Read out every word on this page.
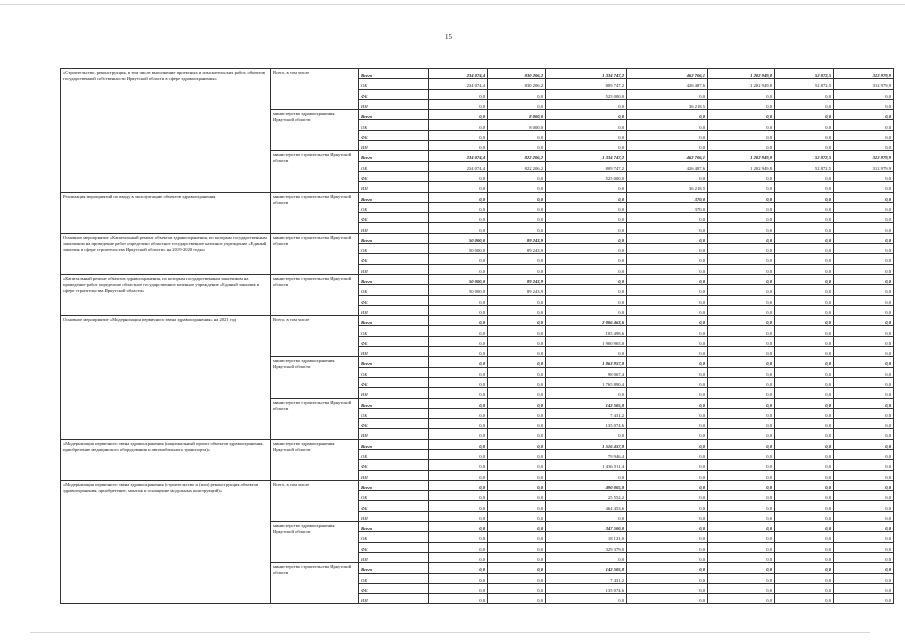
15
«Строительство, реконструкция, в том числе выполнение проектных и изыскательских работ, объектов государственной собственности Иркутской области в сфере здравоохранения»	Всего, в том числе	Всего	234 074,4	830 206,2	1 334 747,2	462 706,1	1 202 949,8	52 872,5	312 979,9
		ОБ	234 074,4	830 206,2	809 747,2	426 487,6	1 202 949,8	52 872,5	312 979,9
		ФБ	0,0	0,0	525 000,0	0,0	0,0	0,0	0,0
		ИИ	0,0	0,0	0,0	36 218,5	0,0	0,0	0,0
	министерство здравоохранения Иркутской области	Всего	0,0	8 000,0	0,0	0,0	0,0	0,0	0,0
		ОБ	0,0	8 000,0	0,0	0,0	0,0	0,0	0,0
		ФБ	0,0	0,0	0,0	0,0	0,0	0,0	0,0
		ИИ	0,0	0,0	0,0	0,0	0,0	0,0	0,0
	министерство строительства Иркутской области	Всего	234 074,4	822 206,2	1 334 747,2	462 706,1	1 202 949,8	52 872,5	312 979,9
		ОБ	234 074,4	822 206,2	809 747,2	426 487,6	1 202 949,8	52 872,5	312 979,9
		ФБ	0,0	0,0	525 000,0	0,0	0,0	0,0	0,0
		ИИ	0,0	0,0	0,0	36 218,5	0,0	0,0	0,0
Реализация мероприятий по вводу в эксплуатацию объектов здравоохранения	министерство строительства Иркутской области	Всего	0,0	0,0	0,0	370,0	0,0	0,0	0,0
		ОБ	0,0	0,0	0,0	370,0	0,0	0,0	0,0
		ФБ	0,0	0,0	0,0	0,0	0,0	0,0	0,0
		ИИ	0,0	0,0	0,0	0,0	0,0	0,0	0,0
Основное мероприятие «Капитальный ремонт объектов здравоохранения, по которым государственным заказчиком на проведение работ определено областное государственное казенное учреждение «Единый заказчик в сфере строительства Иркутской области» на 2019-2020 годы»	министерство строительства Иркутской области	Всего	50 000,0	89 243,9	0,0	0,0	0,0	0,0	0,0
		ОБ	50 000,0	89 243,9	0,0	0,0	0,0	0,0	0,0
		ФБ	0,0	0,0	0,0	0,0	0,0	0,0	0,0
		ИИ	0,0	0,0	0,0	0,0	0,0	0,0	0,0
«Капитальный ремонт объектов здравоохранения, по которым государственным заказчиком на проведение работ определено областное государственное казенное учреждение «Единый заказчик в сфере строительства Иркутской области»	министерство строительства Иркутской области	Всего	50 000,0	89 243,9	0,0	0,0	0,0	0,0	0,0
		ОБ	50 000,0	89 243,9	0,0	0,0	0,0	0,0	0,0
		ФБ	0,0	0,0	0,0	0,0	0,0	0,0	0,0
		ИИ	0,0	0,0	0,0	0,0	0,0	0,0	0,0
Основное мероприятие «Модернизация первичного звена здравоохранения» на 2021 год	Всего, в том числе	Всего	0,0	0,0	2 006 463,6	0,0	0,0	0,0	0,0
		ОБ	0,0	0,0	105 498,6	0,0	0,0	0,0	0,0
		ФБ	0,0	0,0	1 900 965,0	0,0	0,0	0,0	0,0
		ИИ	0,0	0,0	0,0	0,0	0,0	0,0	0,0
	министерство здравоохранения Иркутской области	Всего	0,0	0,0	1 863 957,8	0,0	0,0	0,0	0,0
		ОБ	0,0	0,0	98 067,4	0,0	0,0	0,0	0,0
		ФБ	0,0	0,0	1 765 890,4	0,0	0,0	0,0	0,0
		ИИ	0,0	0,0	0,0	0,0	0,0	0,0	0,0
	министерство строительства Иркутской области	Всего	0,0	0,0	142 505,8	0,0	0,0	0,0	0,0
		ОБ	0,0	0,0	7 431,2	0,0	0,0	0,0	0,0
		ФБ	0,0	0,0	135 074,6	0,0	0,0	0,0	0,0
		ИИ	0,0	0,0	0,0	0,0	0,0	0,0	0,0
«Модернизация первичного звена здравоохранения (национальный проект объектов здравоохранения, приобретение медицинского оборудования и автомобильного транспорта)»	министерство здравоохранения Иркутской области	Всего	0,0	0,0	1 516 457,8	0,0	0,0	0,0	0,0
		ОБ	0,0	0,0	79 946,4	0,0	0,0	0,0	0,0
		ФБ	0,0	0,0	1 436 511,4	0,0	0,0	0,0	0,0
		ИИ	0,0	0,0	0,0	0,0	0,0	0,0	0,0
«Модернизация первичного звена здравоохранения (строительство и (или) реконструкция объектов здравоохранения, приобретение, монтаж и оснащение модульных конструкций)»	Всего, в том числе	Всего	0,0	0,0	490 005,8	0,0	0,0	0,0	0,0
		ОБ	0,0	0,0	25 552,2	0,0	0,0	0,0	0,0
		ФБ	0,0	0,0	464 453,6	0,0	0,0	0,0	0,0
		ИИ	0,0	0,0	0,0	0,0	0,0	0,0	0,0
	министерство здравоохранения Иркутской области	Всего	0,0	0,0	347 500,0	0,0	0,0	0,0	0,0
		ОБ	0,0	0,0	18 121,0	0,0	0,0	0,0	0,0
		ФБ	0,0	0,0	329 379,0	0,0	0,0	0,0	0,0
		ИИ	0,0	0,0	0,0	0,0	0,0	0,0	0,0
	министерство строительства Иркутской области	Всего	0,0	0,0	142 505,8	0,0	0,0	0,0	0,0
		ОБ	0,0	0,0	7 431,2	0,0	0,0	0,0	0,0
		ФБ	0,0	0,0	135 074,6	0,0	0,0	0,0	0,0
		ИИ	0,0	0,0	0,0	0,0	0,0	0,0	0,0
